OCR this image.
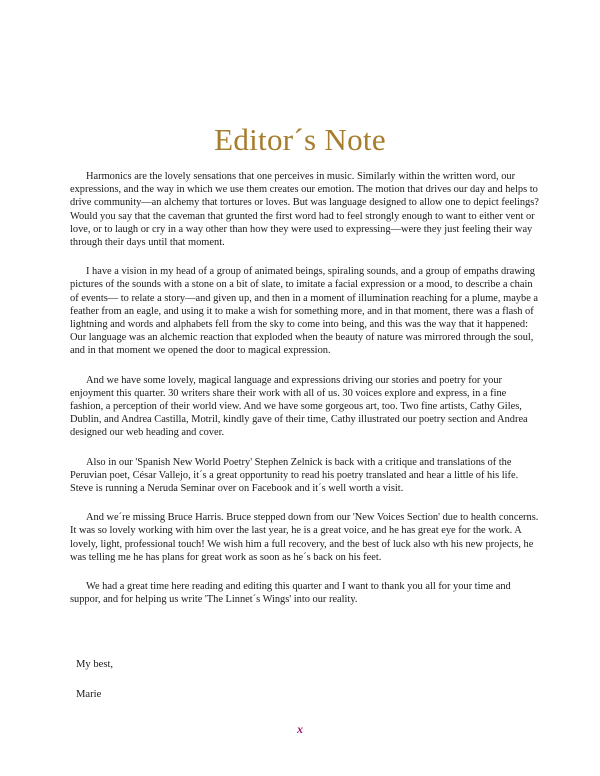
Editor´s Note

Harmonics are the lovely sensations that one perceives in music. Similarly within the written word, our expressions, and the way in which we use them creates our emotion. The motion that drives our day and helps to drive community—an alchemy that tortures or loves. But was language designed to allow one to depict feelings? Would you say that the caveman that grunted the first word had to feel strongly enough to want to either vent or love, or to laugh or cry in a way other than how they were used to expressing—were they just feeling their way through their days until that moment.

I have a vision in my head of a group of animated beings, spiraling sounds, and a group of empaths drawing pictures of the sounds with a stone on a bit of slate, to imitate a facial expression or a mood, to describe a chain of events— to relate a story—and given up, and then in a moment of illumination reaching for a plume, maybe a feather from an eagle, and using it to make a wish for something more, and in that moment, there was a flash of lightning and words and alphabets fell from the sky to come into being, and this was the way that it happened: Our language was an alchemic reaction that exploded when the beauty of nature was mirrored through the soul, and in that moment we opened the door to magical expression.

And we have some lovely, magical language and expressions driving our stories and poetry for your enjoyment this quarter. 30 writers share their work with all of us. 30 voices explore and express, in a fine fashion, a perception of their world view. And we have some gorgeous art, too. Two fine artists, Cathy Giles, Dublin, and Andrea Castilla, Motril, kindly gave of their time, Cathy illustrated our poetry section and Andrea designed our web heading and cover.

Also in our 'Spanish New World Poetry' Stephen Zelnick is back with a critique and translations of the Peruvian poet, César Vallejo, it´s a great opportunity to read his poetry translated and hear a little of his life. Steve is running a Neruda Seminar over on Facebook and it´s well worth a visit.

And we´re missing Bruce Harris. Bruce stepped down from our 'New Voices Section' due to health concerns. It was so lovely working with him over the last year, he is a great voice, and he has great eye for the work. A lovely, light, professional touch! We wish him a full recovery, and the best of luck also wth his new projects, he was telling me he has plans for great work as soon as he´s back on his feet.

We had a great time here reading and editing this quarter and I want to thank you all for your time and suppor, and for helping us write 'The Linnet´s Wings' into our reality.

My best,
Marie
x
